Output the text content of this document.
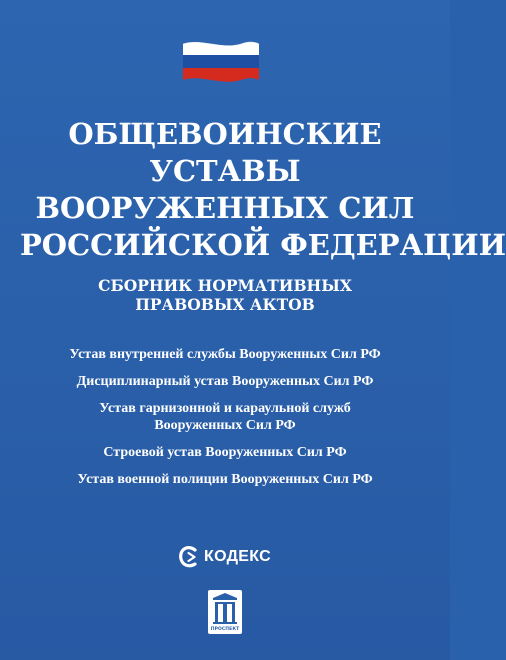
ОБЩЕВОИНСКИЕ
УСТАВЫ
ВООРУЖЕННЫХ СИЛ
РОССИЙСКОЙ ФЕДЕРАЦИИ
СБОРНИК НОРМАТИВНЫХ
ПРАВОВЫХ АКТОВ
Устав внутренней службы Вооруженных Сил РФ
Дисциплинарный устав Вооруженных Сил РФ
Устав гарнизонной и караульной служб
Вооруженных Сил РФ
Строевой устав Вооруженных Сил РФ
Устав военной полиции Вооруженных Сил РФ
КОДЕКС
ПРОСПЕКТ
